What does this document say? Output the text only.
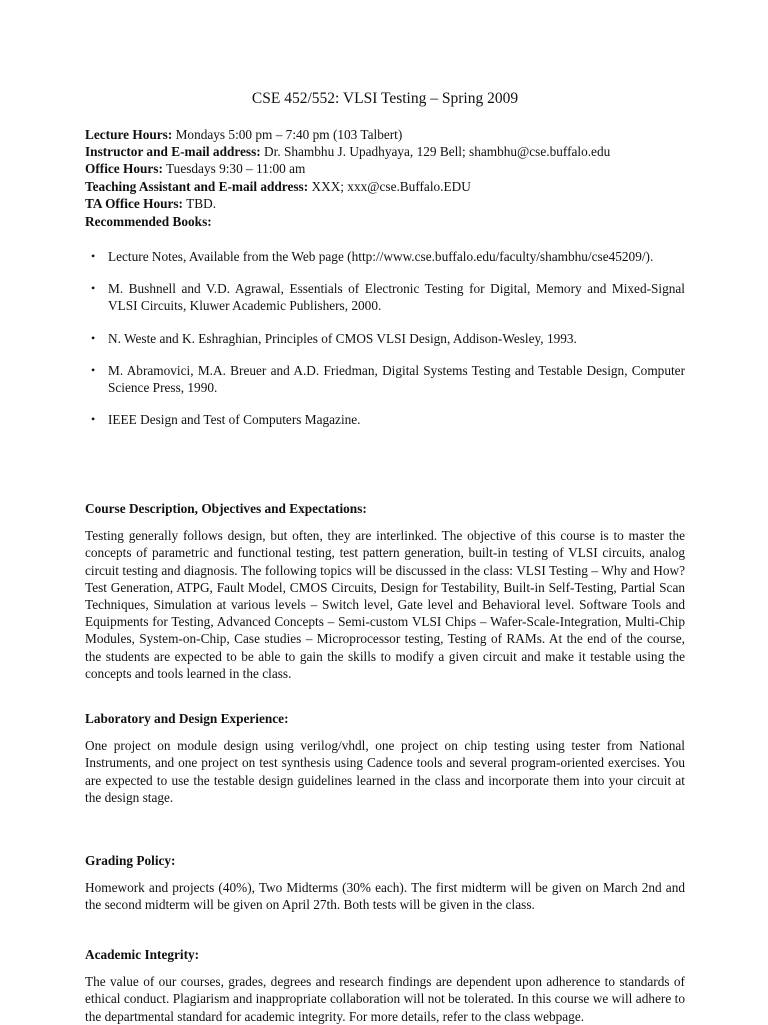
CSE 452/552: VLSI Testing – Spring 2009
Lecture Hours: Mondays 5:00 pm – 7:40 pm (103 Talbert)
Instructor and E-mail address: Dr. Shambhu J. Upadhyaya, 129 Bell; shambhu@cse.buffalo.edu
Office Hours: Tuesdays 9:30 – 11:00 am
Teaching Assistant and E-mail address: XXX; xxx@cse.Buffalo.EDU
TA Office Hours: TBD.
Recommended Books:
• Lecture Notes, Available from the Web page (http://www.cse.buffalo.edu/faculty/shambhu/cse45209/).
• M. Bushnell and V.D. Agrawal, Essentials of Electronic Testing for Digital, Memory and Mixed-Signal VLSI Circuits, Kluwer Academic Publishers, 2000.
• N. Weste and K. Eshraghian, Principles of CMOS VLSI Design, Addison-Wesley, 1993.
• M. Abramovici, M.A. Breuer and A.D. Friedman, Digital Systems Testing and Testable Design, Computer Science Press, 1990.
• IEEE Design and Test of Computers Magazine.
Course Description, Objectives and Expectations:

Testing generally follows design, but often, they are interlinked. The objective of this course is to master the concepts of parametric and functional testing, test pattern generation, built-in testing of VLSI circuits, analog circuit testing and diagnosis. The following topics will be discussed in the class: VLSI Testing – Why and How? Test Generation, ATPG, Fault Model, CMOS Circuits, Design for Testability, Built-in Self-Testing, Partial Scan Techniques, Simulation at various levels – Switch level, Gate level and Behavioral level. Software Tools and Equipments for Testing, Advanced Concepts – Semi-custom VLSI Chips – Wafer-Scale-Integration, Multi-Chip Modules, System-on-Chip, Case studies – Microprocessor testing, Testing of RAMs. At the end of the course, the students are expected to be able to gain the skills to modify a given circuit and make it testable using the concepts and tools learned in the class.

Laboratory and Design Experience:

One project on module design using verilog/vhdl, one project on chip testing using tester from National Instruments, and one project on test synthesis using Cadence tools and several program-oriented exercises. You are expected to use the testable design guidelines learned in the class and incorporate them into your circuit at the design stage.

Grading Policy:

Homework and projects (40%), Two Midterms (30% each). The first midterm will be given on March 2nd and the second midterm will be given on April 27th. Both tests will be given in the class.

Academic Integrity:

The value of our courses, grades, degrees and research findings are dependent upon adherence to standards of ethical conduct. Plagiarism and inappropriate collaboration will not be tolerated. In this course we will adhere to the departmental standard for academic integrity. For more details, refer to the class webpage.
